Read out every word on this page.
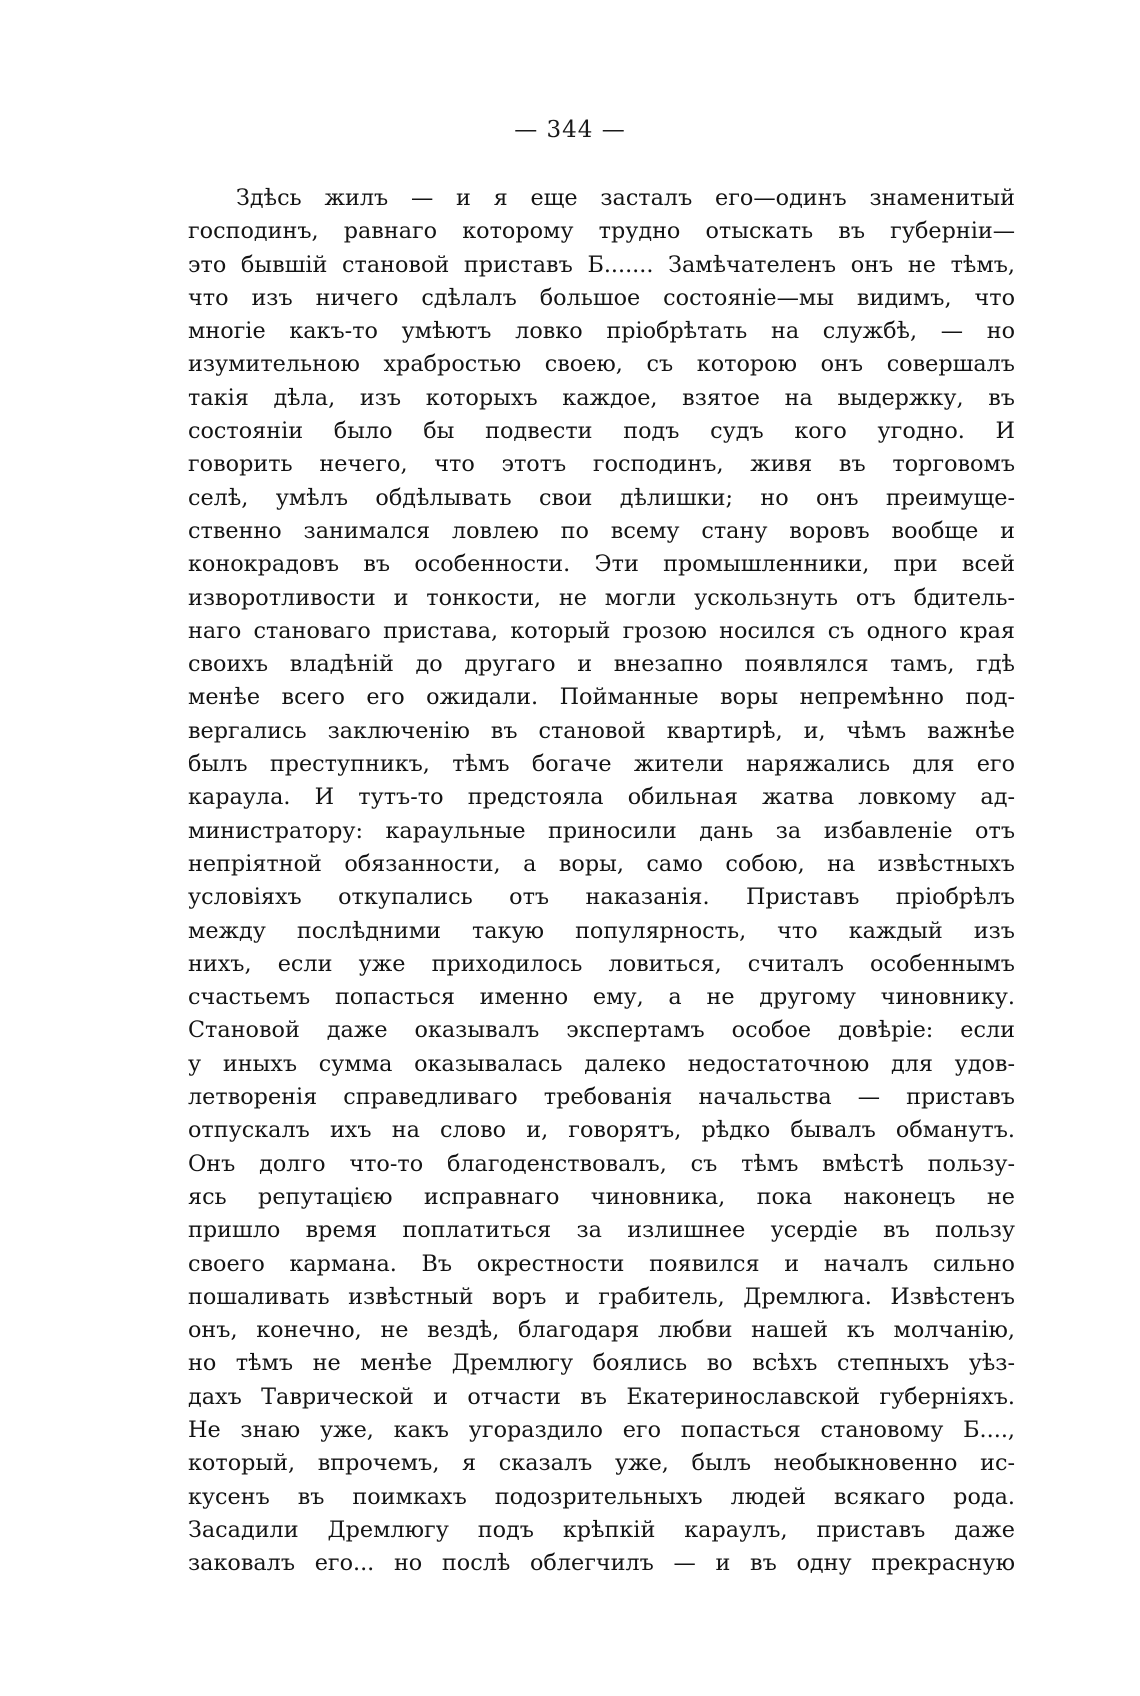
— 344 —
Здѣсь жилъ — и я еще засталъ его—одинъ знаменитый
господинъ, равнаго которому трудно отыскать въ губерніи—
это бывшій становой приставъ Б....... Замѣчателенъ онъ не тѣмъ,
что изъ ничего сдѣлалъ большое состояніе—мы видимъ, что
многіе какъ-то умѣютъ ловко пріобрѣтать на службѣ, — но
изумительною храбростью своею, съ которою онъ совершалъ
такія дѣла, изъ которыхъ каждое, взятое на выдержку, въ
состояніи было бы подвести подъ судъ кого угодно. И
говорить нечего, что этотъ господинъ, живя въ торговомъ
селѣ, умѣлъ обдѣлывать свои дѣлишки; но онъ преимуще-
ственно занимался ловлею по всему стану воровъ вообще и
конокрадовъ въ особенности. Эти промышленники, при всей
изворотливости и тонкости, не могли ускользнуть отъ бдитель-
наго становаго пристава, который грозою носился съ одного края
своихъ владѣній до другаго и внезапно появлялся тамъ, гдѣ
менѣе всего его ожидали. Пойманные воры непремѣнно под-
вергались заключенію въ становой квартирѣ, и, чѣмъ важнѣе
былъ преступникъ, тѣмъ богаче жители наряжались для его
караула. И тутъ-то предстояла обильная жатва ловкому ад-
министратору: караульные приносили дань за избавленіе отъ
непріятной обязанности, а воры, само собою, на извѣстныхъ
условіяхъ откупались отъ наказанія. Приставъ пріобрѣлъ
между послѣдними такую популярность, что каждый изъ
нихъ, если уже приходилось ловиться, считалъ особеннымъ
счастьемъ попасться именно ему, а не другому чиновнику.
Становой даже оказывалъ экспертамъ особое довѣріе: если
у иныхъ сумма оказывалась далеко недостаточною для удов-
летворенія справедливаго требованія начальства — приставъ
отпускалъ ихъ на слово и, говорятъ, рѣдко бывалъ обманутъ.
Онъ долго что-то благоденствовалъ, съ тѣмъ вмѣстѣ пользу-
ясь репутацією исправнаго чиновника, пока наконецъ не
пришло время поплатиться за излишнее усердіе въ пользу
своего кармана. Въ окрестности появился и началъ сильно
пошаливать извѣстный воръ и грабитель, Дремлюга. Извѣстенъ
онъ, конечно, не вездѣ, благодаря любви нашей къ молчанію,
но тѣмъ не менѣе Дремлюгу боялись во всѣхъ степныхъ уѣз-
дахъ Таврической и отчасти въ Екатеринославской губерніяхъ.
Не знаю уже, какъ угораздило его попасться становому Б....,
который, впрочемъ, я сказалъ уже, былъ необыкновенно ис-
кусенъ въ поимкахъ подозрительныхъ людей всякаго рода.
Засадили Дремлюгу подъ крѣпкій караулъ, приставъ даже
заковалъ его... но послѣ облегчилъ — и въ одну прекрасную
